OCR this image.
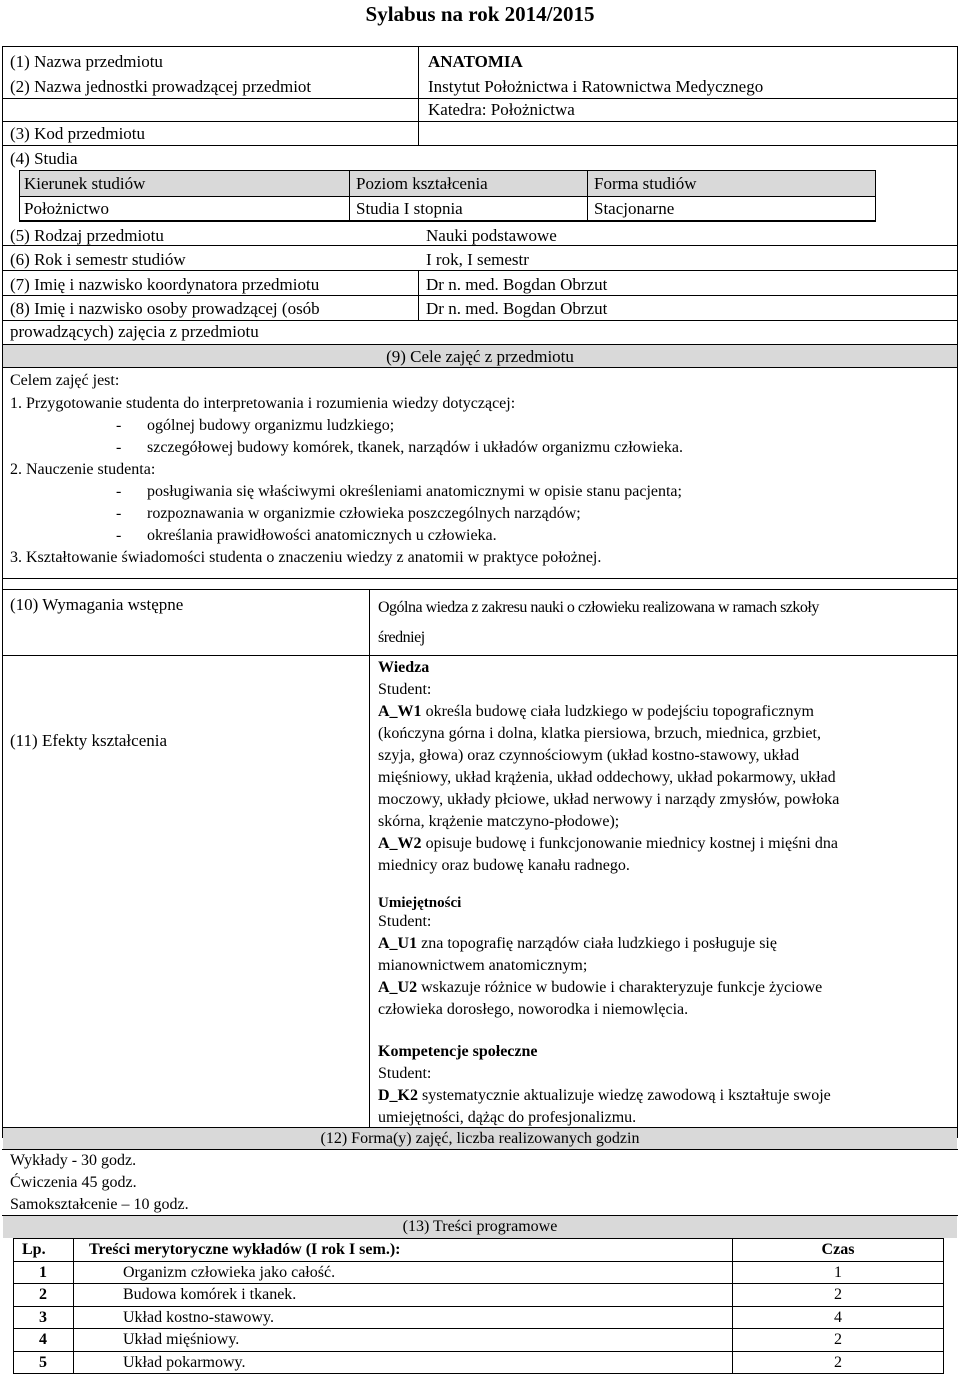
Sylabus na rok 2014/2015
(1) Nazwa przedmiotu	ANATOMIA
(2) Nazwa jednostki prowadzącej przedmiot	Instytut Położnictwa i Ratownictwa Medycznego
Katedra: Położnictwa
(3) Kod przedmiotu
(4) Studia
Kierunek studiów	Poziom kształcenia	Forma studiów
Położnictwo	Studia I stopnia	Stacjonarne
(5) Rodzaj przedmiotu	Nauki podstawowe
(6) Rok i semestr studiów	I rok, I semestr
(7) Imię i nazwisko koordynatora przedmiotu	Dr n. med. Bogdan Obrzut
(8) Imię i nazwisko osoby prowadzącej (osób
prowadzących) zajęcia z przedmiotu
Dr n. med. Bogdan Obrzut
(9) Cele zajęć z przedmiotu
Celem zajęć jest:
1. Przygotowanie studenta do interpretowania i rozumienia wiedzy dotyczącej:
- ogólnej budowy organizmu ludzkiego;
- szczegółowej budowy komórek, tkanek, narządów i układów organizmu człowieka.
2. Nauczenie studenta:
- posługiwania się właściwymi określeniami anatomicznymi w opisie stanu pacjenta;
- rozpoznawania w organizmie człowieka poszczególnych narządów;
- określania prawidłowości anatomicznych u człowieka.
3. Kształtowanie świadomości studenta o znaczeniu wiedzy z anatomii w praktyce położnej.
(10) Wymagania wstępne	Ogólna wiedza z zakresu nauki o człowieku realizowana w ramach szkoły
średniej
(11) Efekty kształcenia
Wiedza
Student:
A_W1 określa budowę ciała ludzkiego w podejściu topograficznym
(kończyna górna i dolna, klatka piersiowa, brzuch, miednica, grzbiet,
szyja, głowa) oraz czynnościowym (układ kostno-stawowy, układ
mięśniowy, układ krążenia, układ oddechowy, układ pokarmowy, układ
moczowy, układy płciowe, układ nerwowy i narządy zmysłów, powłoka
skórna, krążenie matczyno-płodowe);
A_W2 opisuje budowę i funkcjonowanie miednicy kostnej i mięśni dna
miednicy oraz budowę kanału radnego.
Umiejętności
Student:
A_U1 zna topografię narządów ciała ludzkiego i posługuje się
mianownictwem anatomicznym;
A_U2 wskazuje różnice w budowie i charakteryzuje funkcje życiowe
człowieka dorosłego, noworodka i niemowlęcia.
Kompetencje społeczne
Student:
D_K2 systematycznie aktualizuje wiedzę zawodową i kształtuje swoje
umiejętności, dążąc do profesjonalizmu.
(12) Forma(y) zajęć, liczba realizowanych godzin
Wykłady - 30 godz.
Ćwiczenia 45 godz.
Samokształcenie – 10 godz.
(13) Treści programowe
Lp.	Treści merytoryczne wykładów (I rok I sem.):	Czas
1	Organizm człowieka jako całość.	1
2	Budowa komórek i tkanek.	2
3	Układ kostno-stawowy.	4
4	Układ mięśniowy.	2
5	Układ pokarmowy.	2
